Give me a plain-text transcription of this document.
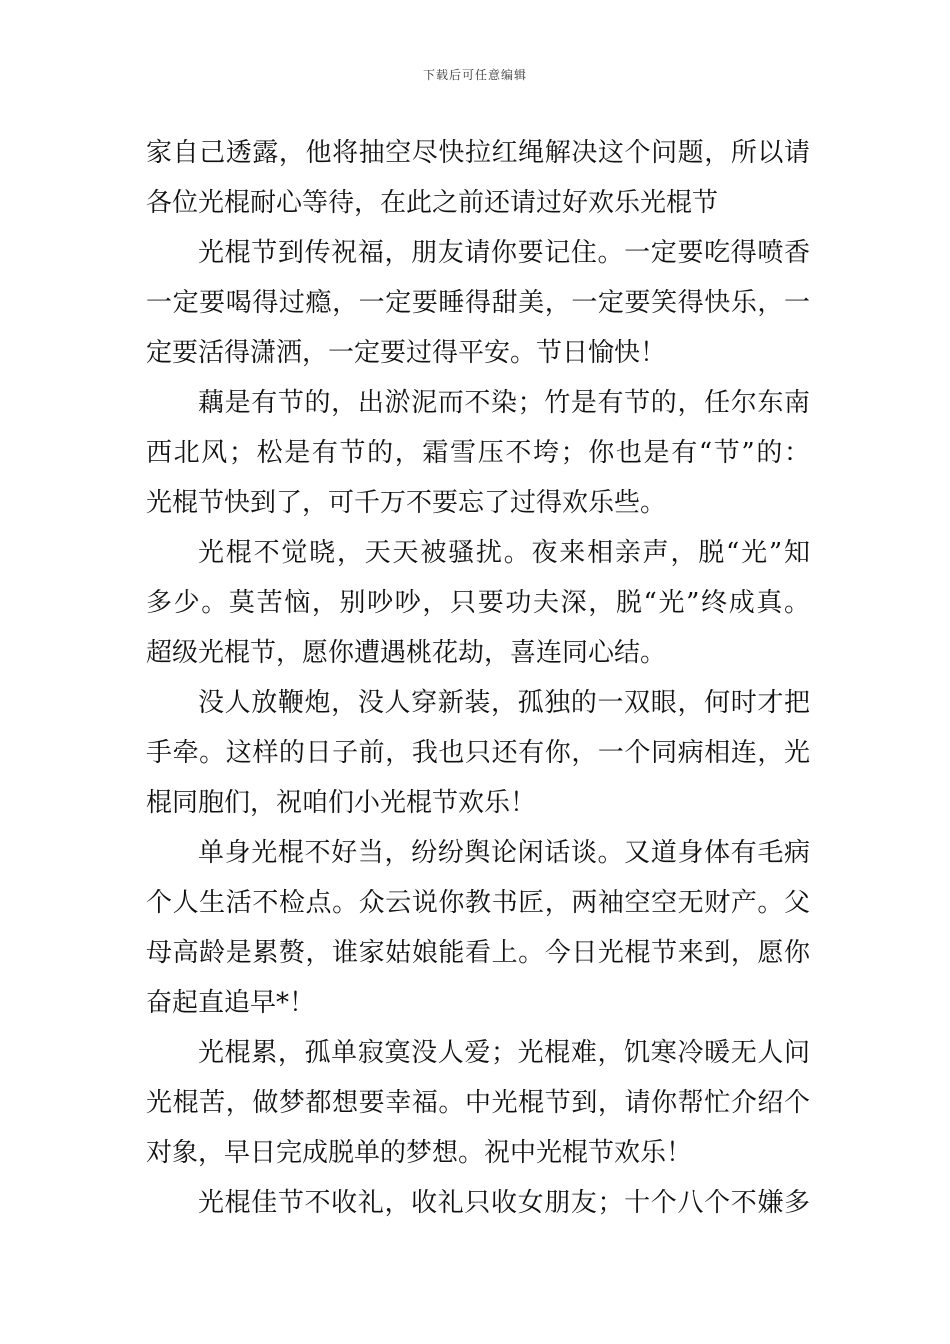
下载后可任意编辑
家自己透露，他将抽空尽快拉红绳解决这个问题，所以请
各位光棍耐心等待，在此之前还请过好欢乐光棍节
光棍节到传祝福，朋友请你要记住。一定要吃得喷香
一定要喝得过瘾，一定要睡得甜美，一定要笑得快乐，一
定要活得潇洒，一定要过得平安。节日愉快！
藕是有节的，出淤泥而不染；竹是有节的，任尔东南
西北风；松是有节的，霜雪压不垮；你也是有“节”的：
光棍节快到了，可千万不要忘了过得欢乐些。
光棍不觉晓，天天被骚扰。夜来相亲声，脱“光”知
多少。莫苦恼，别吵吵，只要功夫深，脱“光”终成真。
超级光棍节，愿你遭遇桃花劫，喜连同心结。
没人放鞭炮，没人穿新装，孤独的一双眼，何时才把
手牵。这样的日子前，我也只还有你，一个同病相连，光
棍同胞们，祝咱们小光棍节欢乐！
单身光棍不好当，纷纷舆论闲话谈。又道身体有毛病
个人生活不检点。众云说你教书匠，两袖空空无财产。父
母高龄是累赘，谁家姑娘能看上。今日光棍节来到，愿你
奋起直追早*！
光棍累，孤单寂寞没人爱；光棍难，饥寒冷暖无人问
光棍苦，做梦都想要幸福。中光棍节到，请你帮忙介绍个
对象，早日完成脱单的梦想。祝中光棍节欢乐！
光棍佳节不收礼，收礼只收女朋友；十个八个不嫌多
